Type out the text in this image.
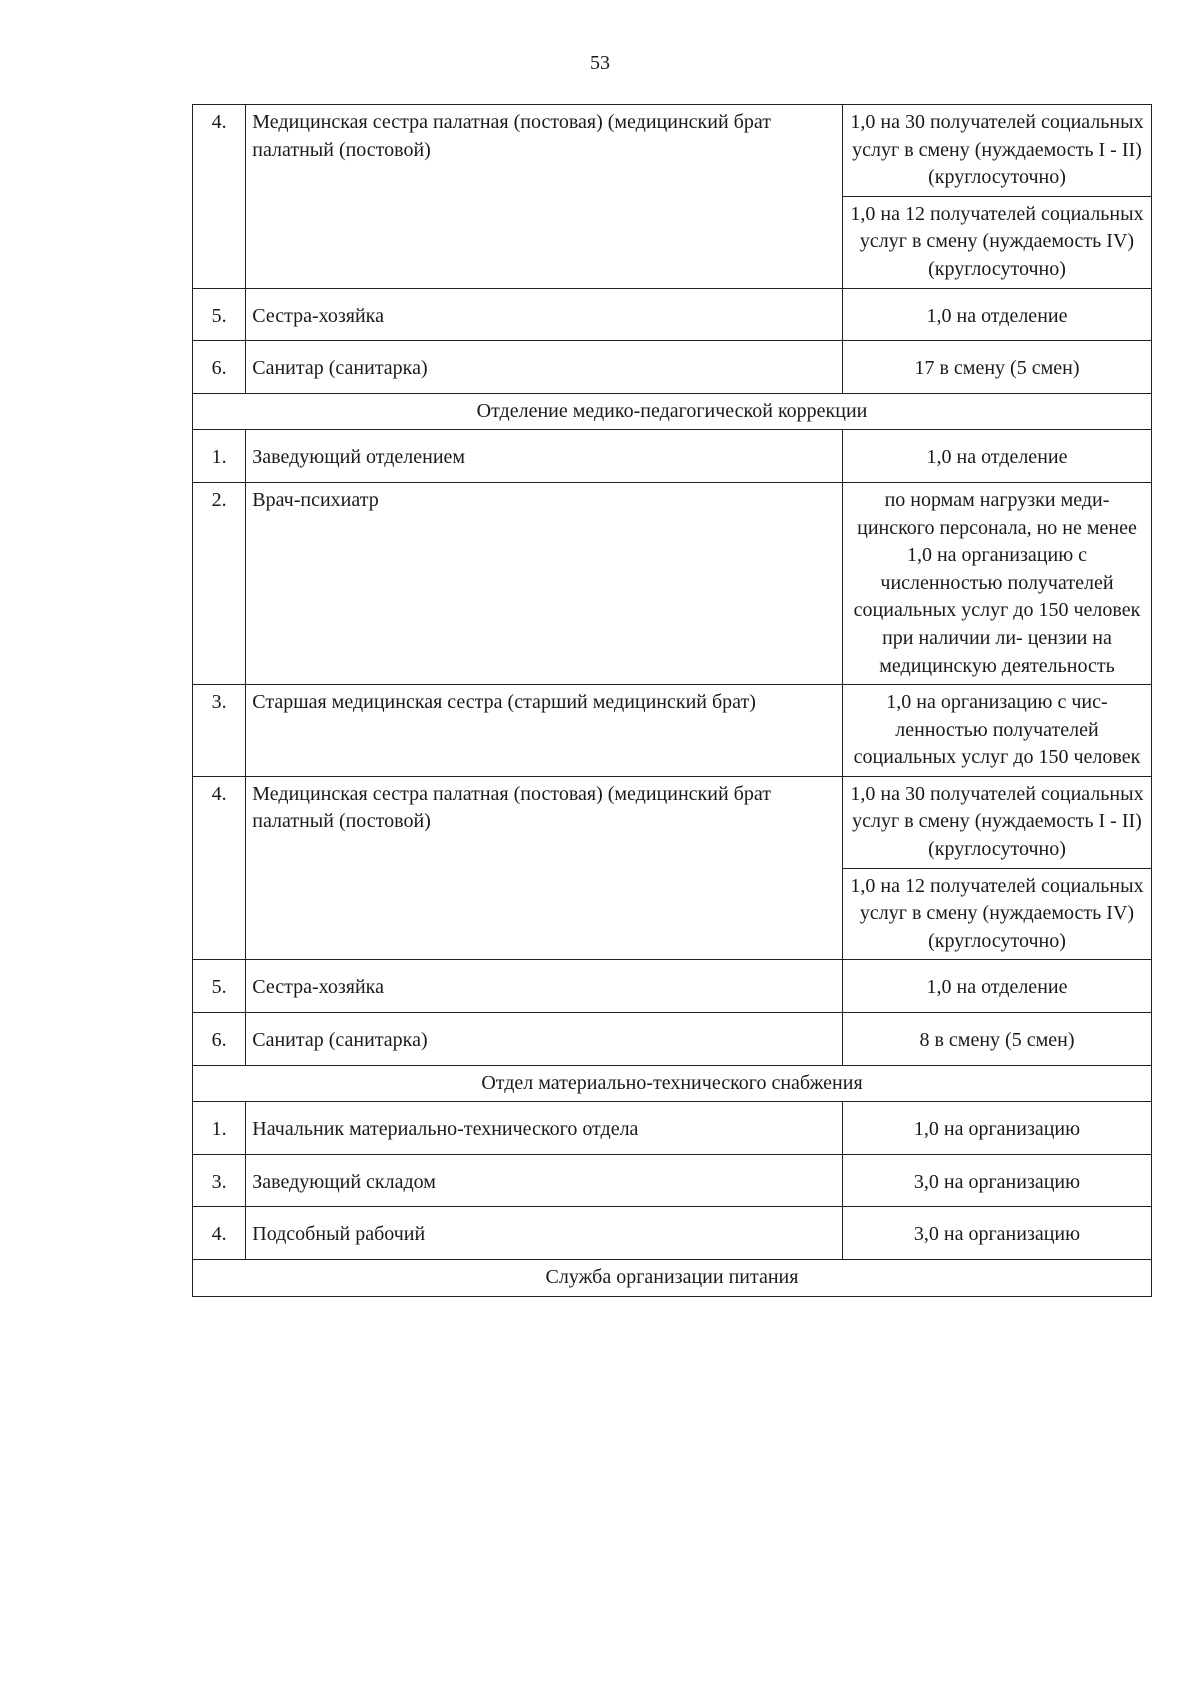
53
4.	Медицинская сестра палатная (постовая) (медицинский брат палатный (постовой)	1,0 на 30 получателей социальных услуг в смену (нуждаемость I - II) (круглосуточно)
		1,0 на 12 получателей социальных услуг в смену (нуждаемость IV) (круглосуточно)
5.	Сестра-хозяйка	1,0 на отделение
6.	Санитар (санитарка)	17 в смену (5 смен)
Отделение медико-педагогической коррекции		
1.	Заведующий отделением	1,0 на отделение
2.	Врач-психиатр	по нормам нагрузки меди- цинского персонала, но не менее 1,0 на организацию с численностью получателей социальных услуг до 150 человек при наличии ли- цензии на медицинскую деятельность
3.	Старшая медицинская сестра (старший медицинский брат)	1,0 на организацию с чис- ленностью получателей социальных услуг до 150 человек
4.	Медицинская сестра палатная (постовая) (медицинский брат палатный (постовой)	1,0 на 30 получателей социальных услуг в смену (нуждаемость I - II) (круглосуточно)
		1,0 на 12 получателей социальных услуг в смену (нуждаемость IV) (круглосуточно)
5.	Сестра-хозяйка	1,0 на отделение
6.	Санитар (санитарка)	8 в смену (5 смен)
Отдел материально-технического снабжения		
1.	Начальник материально-технического отдела	1,0 на организацию
3.	Заведующий складом	3,0 на организацию
4.	Подсобный рабочий	3,0 на организацию
Служба организации питания		
